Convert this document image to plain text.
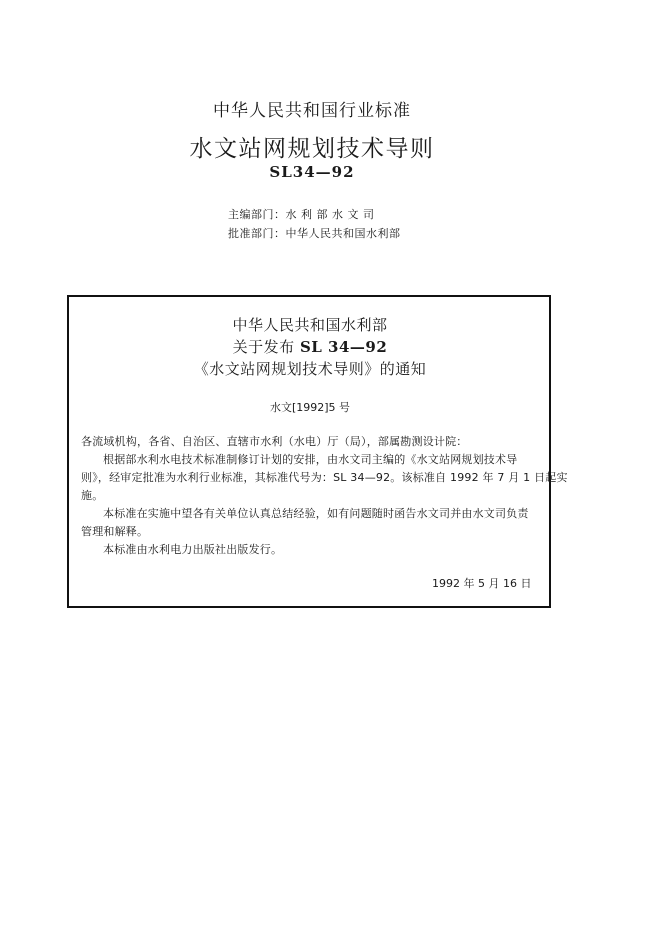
中华人民共和国行业标准
水文站网规划技术导则
SL34—92
主编部门：水 利 部 水 文 司
批准部门：中华人民共和国水利部
中华人民共和国水利部
关于发布 SL 34—92
《水文站网规划技术导则》的通知
水文[1992]5 号

各流域机构，各省、自治区、直辖市水利（水电）厅（局），部属勘测设计院：

根据部水利水电技术标准制修订计划的安排，由水文司主编的《水文站网规划技术导

则》，经审定批准为水利行业标准，其标准代号为：SL 34—92。该标准自 1992 年 7 月 1 日起实

施。

本标准在实施中望各有关单位认真总结经验，如有问题随时函告水文司并由水文司负责

管理和解释。

本标准由水利电力出版社出版发行。

1992 年 5 月 16 日
